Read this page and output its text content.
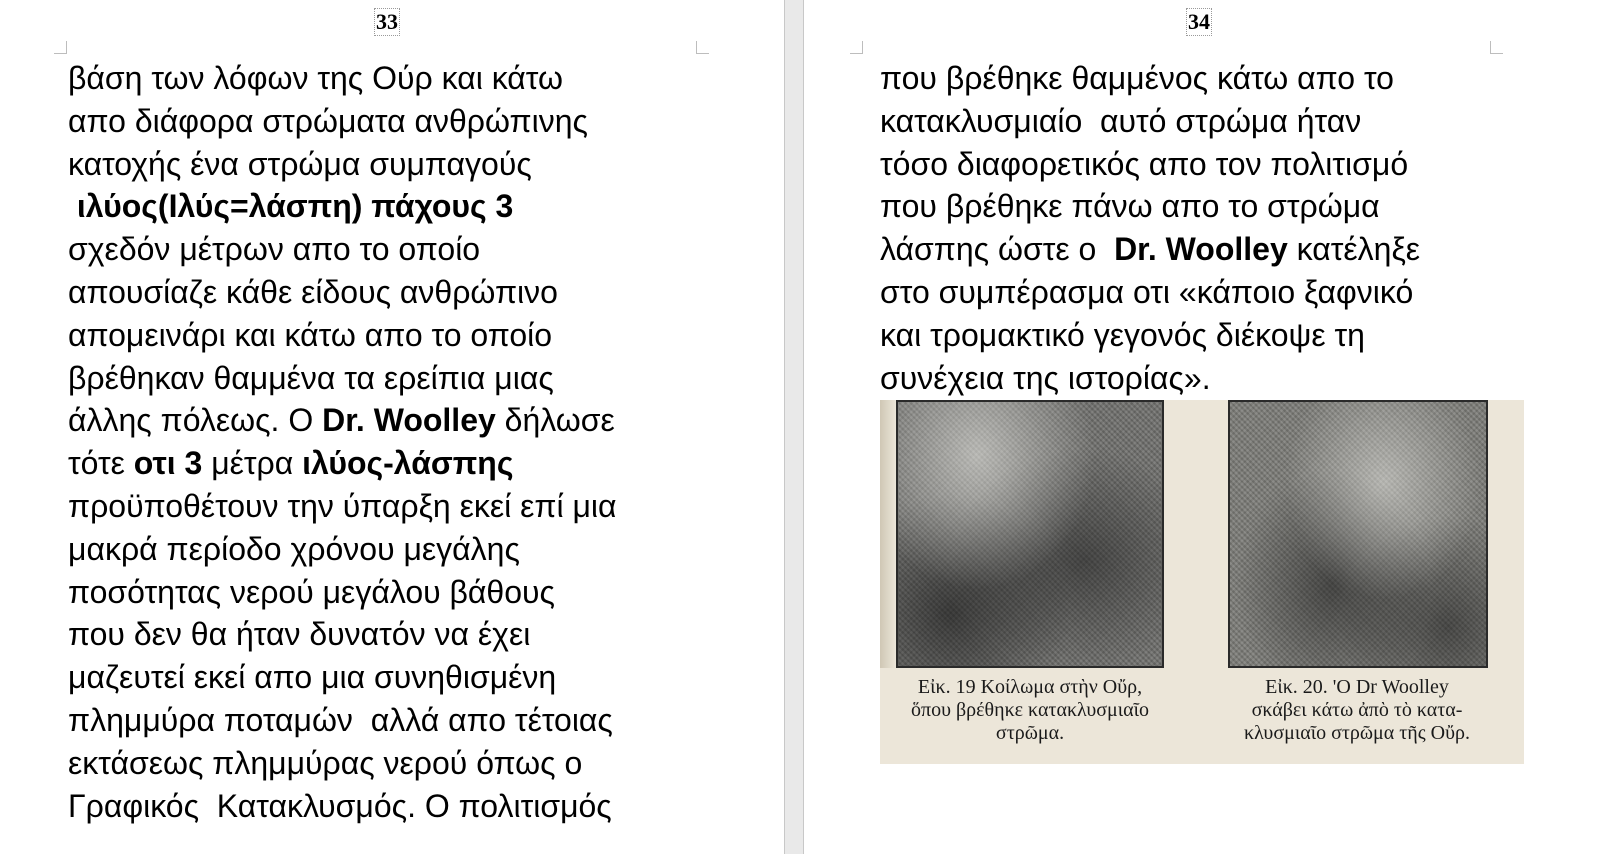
33
βάση των λόφων της Ούρ και κάτω
απο διάφορα στρώματα ανθρώπινης
κατοχής ένα στρώμα συμπαγούς
ιλύος(Ιλύς=λάσπη) πάχους 3
σχεδόν μέτρων απο το οποίο
απουσίαζε κάθε είδους ανθρώπινο
απομεινάρι και κάτω απο το οποίο
βρέθηκαν θαμμένα τα ερείπια μιας
άλλης πόλεως. Ο Dr. Woolley δήλωσε
τότε οτι 3 μέτρα ιλύος-λάσπης
προϋποθέτουν την ύπαρξη εκεί επί μια
μακρά περίοδο χρόνου μεγάλης
ποσότητας νερού μεγάλου βάθους
που δεν θα ήταν δυνατόν να έχει
μαζευτεί εκεί απο μια συνηθισμένη
πλημμύρα ποταμών  αλλά απο τέτοιας
εκτάσεως πλημμύρας νερού όπως ο
Γραφικός  Κατακλυσμός. Ο πολιτισμός
34
που βρέθηκε θαμμένος κάτω απο το
κατακλυσμιαίο  αυτό στρώμα ήταν
τόσο διαφορετικός απο τον πολιτισμό
που βρέθηκε πάνω απο το στρώμα
λάσπης ώστε ο  Dr. Woolley κατέληξε
στο συμπέρασμα οτι «κάποιο ξαφνικό
και τρομακτικό γεγονός διέκοψε τη
συνέχεια της ιστορίας».
Εἰκ. 19 Κοίλωμα στὴν Οὔρ,
ὅπου βρέθηκε κατακλυσμιαῖο
στρῶμα.
Εἰκ. 20. 'Ο Dr Woolley
σκάβει κάτω ἀπὸ τὸ κατα-
κλυσμιαῖο στρῶμα τῆς Οὔρ.
